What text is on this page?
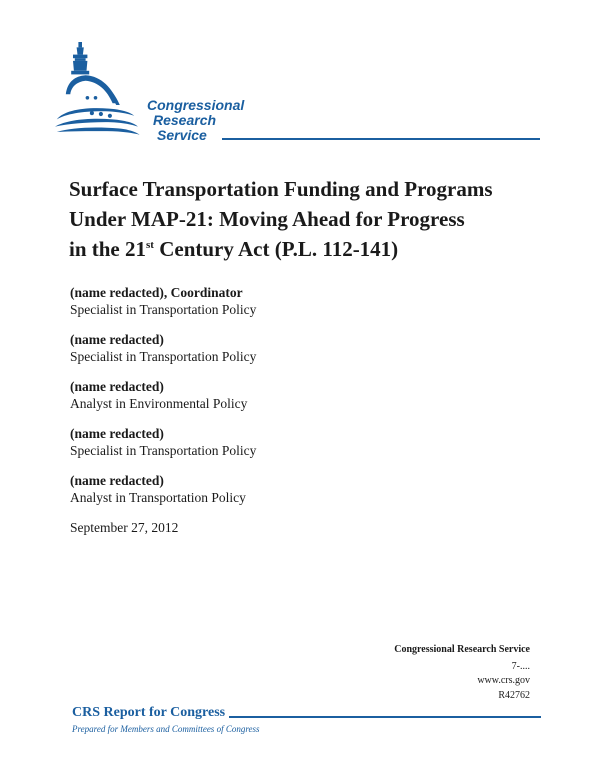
Congressional
Research
Service
Surface Transportation Funding and Programs
Under MAP-21: Moving Ahead for Progress
in the 21st Century Act (P.L. 112-141)
(name redacted), Coordinator
Specialist in Transportation Policy
(name redacted)
Specialist in Transportation Policy
(name redacted)
Analyst in Environmental Policy
(name redacted)
Specialist in Transportation Policy
(name redacted)
Analyst in Transportation Policy
September 27, 2012
Congressional Research Service
7-....
www.crs.gov
R42762
CRS Report for Congress
Prepared for Members and Committees of Congress
